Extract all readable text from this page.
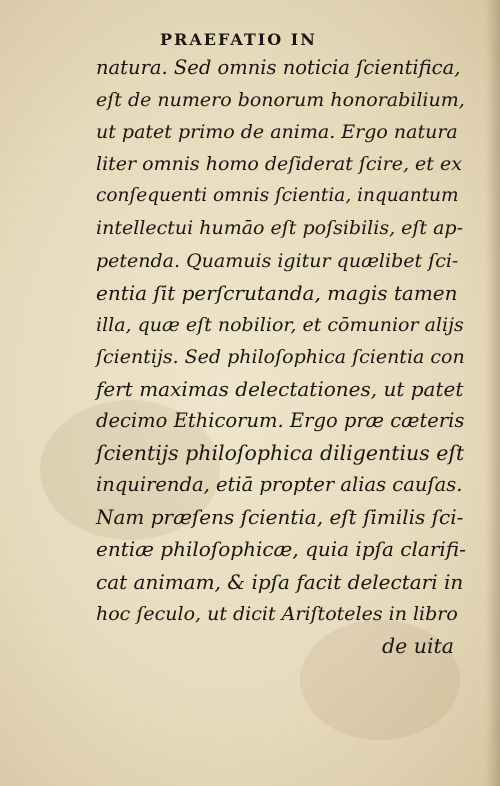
PRAEFATIO IN
natura. Sed omnis noticia ſcientifica,
eſt de numero bonorum honorabilium,
ut patet primo de anima. Ergo natura
liter omnis homo deſiderat ſcire, et ex
conſequenti omnis ſcientia, inquantum
intellectui humāo eſt poſsibilis, eſt ap-
petenda. Quamuis igitur quælibet ſci-
entia ſit perſcrutanda, magis tamen
illa, quæ eſt nobilior, et cōmunior alijs
ſcientijs. Sed philoſophica ſcientia con
fert maximas delectationes, ut patet
decimo Ethicorum. Ergo præ cæteris
ſcientijs philoſophica diligentius eſt
inquirenda, etiā propter alias cauſas.
Nam præſens ſcientia, eſt ſimilis ſci-
entiæ philoſophicæ, quia ipſa clarifi-
cat animam, & ipſa facit delectari in
hoc ſeculo, ut dicit Ariſtoteles in libro
de uita
